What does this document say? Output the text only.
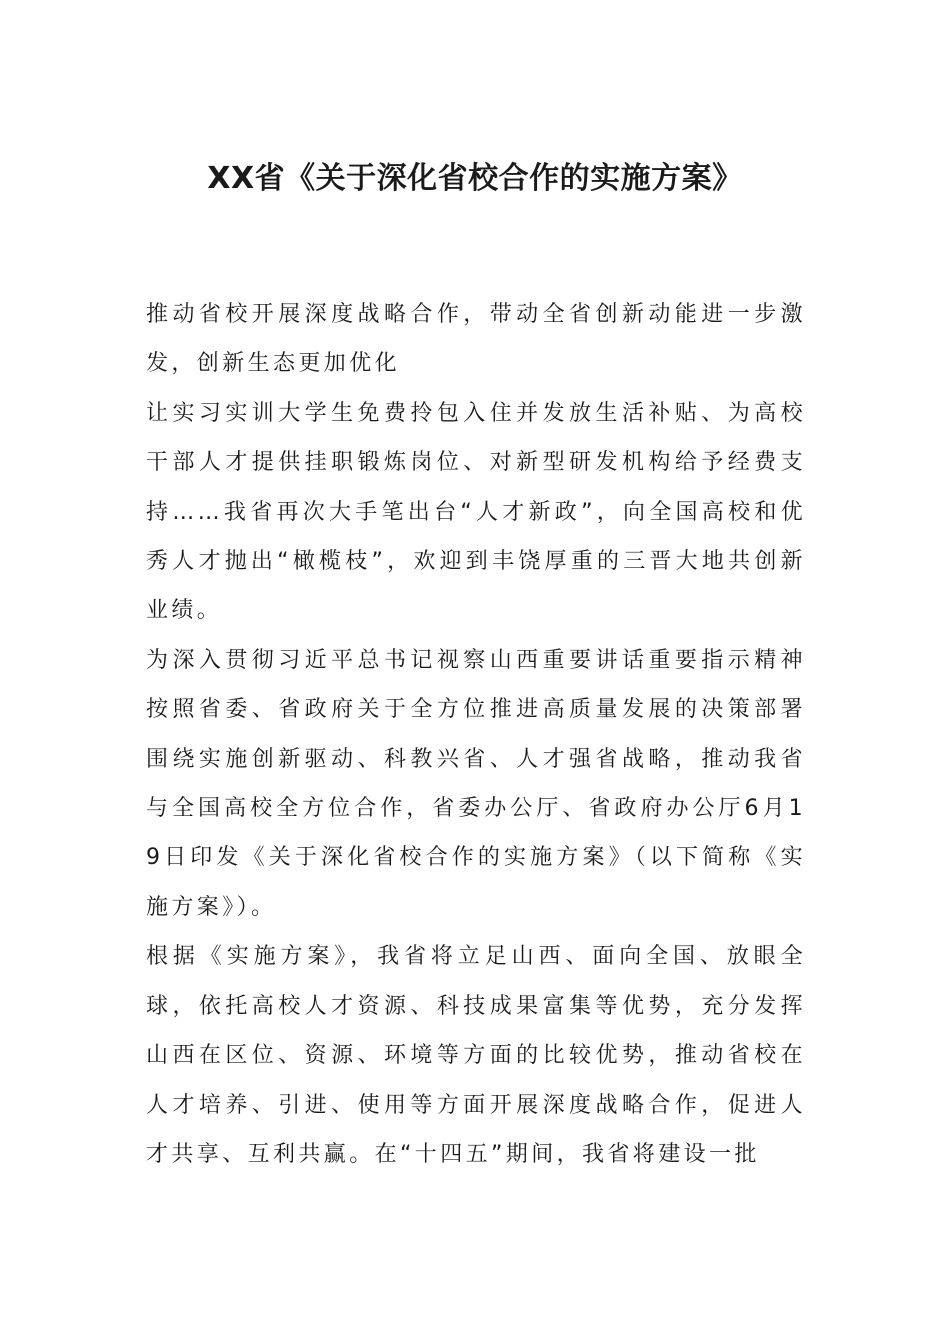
XX省《关于深化省校合作的实施方案》

推动省校开展深度战略合作，带动全省创新动能进一步激发，创新生态更加优化

让实习实训大学生免费拎包入住并发放生活补贴、为高校干部人才提供挂职锻炼岗位、对新型研发机构给予经费支持……我省再次大手笔出台“人才新政”，向全国高校和优秀人才抛出“橄榄枝”，欢迎到丰饶厚重的三晋大地共创新业绩。

为深入贯彻习近平总书记视察山西重要讲话重要指示精神按照省委、省政府关于全方位推进高质量发展的决策部署围绕实施创新驱动、科教兴省、人才强省战略，推动我省与全国高校全方位合作，省委办公厅、省政府办公厅6月19日印发《关于深化省校合作的实施方案》（以下简称《实施方案》）。

根据《实施方案》，我省将立足山西、面向全国、放眼全球，依托高校人才资源、科技成果富集等优势，充分发挥山西在区位、资源、环境等方面的比较优势，推动省校在人才培养、引进、使用等方面开展深度战略合作，促进人才共享、互利共赢。在“十四五”期间，我省将建设一批
